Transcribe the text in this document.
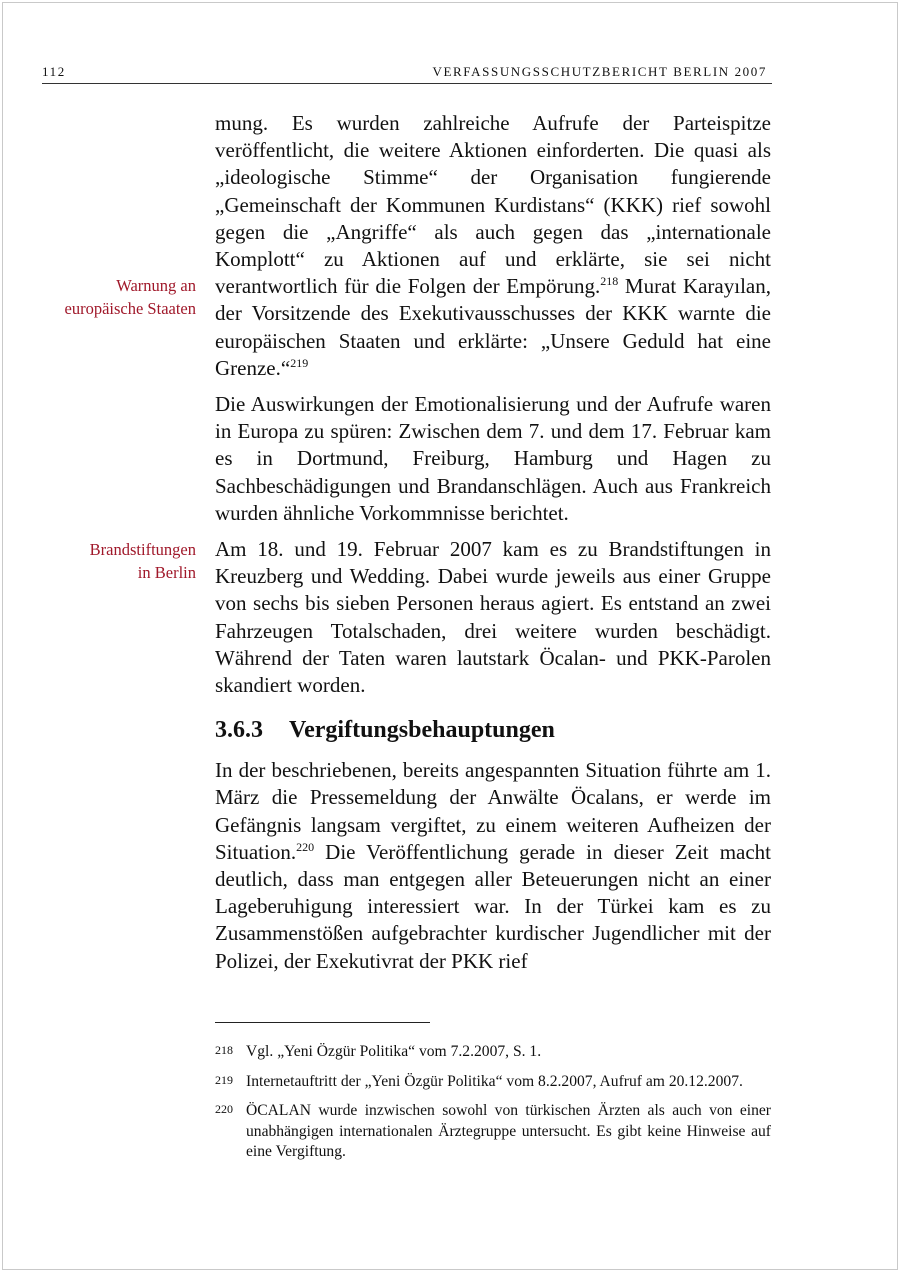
112	VERFASSUNGSSCHUTZBERICHT BERLIN 2007
Warnung an
europäische Staaten
Brandstiftungen
in Berlin

mung. Es wurden zahlreiche Aufrufe der Parteispitze veröffentlicht, die weitere Aktionen einforderten. Die quasi als „ideologische Stimme“ der Organisation fungierende „Gemeinschaft der Kommunen Kurdistans“ (KKK) rief sowohl gegen die „Angriffe“ als auch gegen das „internationale Komplott“ zu Aktionen auf und erklärte, sie sei nicht verantwortlich für die Folgen der Empörung.$^{218}$ Murat Karayılan, der Vorsitzende des Exekutivausschusses der KKK warnte die europäischen Staaten und erklärte: „Unsere Geduld hat eine Grenze.“$^{219}$

Die Auswirkungen der Emotionalisierung und der Aufrufe waren in Europa zu spüren: Zwischen dem 7. und dem 17. Februar kam es in Dortmund, Freiburg, Hamburg und Hagen zu Sachbeschädigungen und Brandanschlägen. Auch aus Frankreich wurden ähnliche Vorkommnisse berichtet.

Am 18. und 19. Februar 2007 kam es zu Brandstiftungen in Kreuzberg und Wedding. Dabei wurde jeweils aus einer Gruppe von sechs bis sieben Personen heraus agiert. Es entstand an zwei Fahrzeugen Totalschaden, drei weitere wurden beschädigt. Während der Taten waren lautstark Öcalan- und PKK-Parolen skandiert worden.

3.6.3 Vergiftungsbehauptungen

In der beschriebenen, bereits angespannten Situation führte am 1. März die Pressemeldung der Anwälte Öcalans, er werde im Gefängnis langsam vergiftet, zu einem weiteren Aufheizen der Situation.$^{220}$ Die Veröffentlichung gerade in dieser Zeit macht deutlich, dass man entgegen aller Beteuerungen nicht an einer Lageberuhigung interessiert war. In der Türkei kam es zu Zusammenstößen aufgebrachter kurdischer Jugendlicher mit der Polizei, der Exekutivrat der PKK rief

218 Vgl. „Yeni Özgür Politika“ vom 7.2.2007, S. 1.
219 Internetauftritt der „Yeni Özgür Politika“ vom 8.2.2007, Aufruf am 20.12.2007.
220 ÖCALAN wurde inzwischen sowohl von türkischen Ärzten als auch von einer unabhängigen internationalen Ärztegruppe untersucht. Es gibt keine Hinweise auf eine Vergiftung.
